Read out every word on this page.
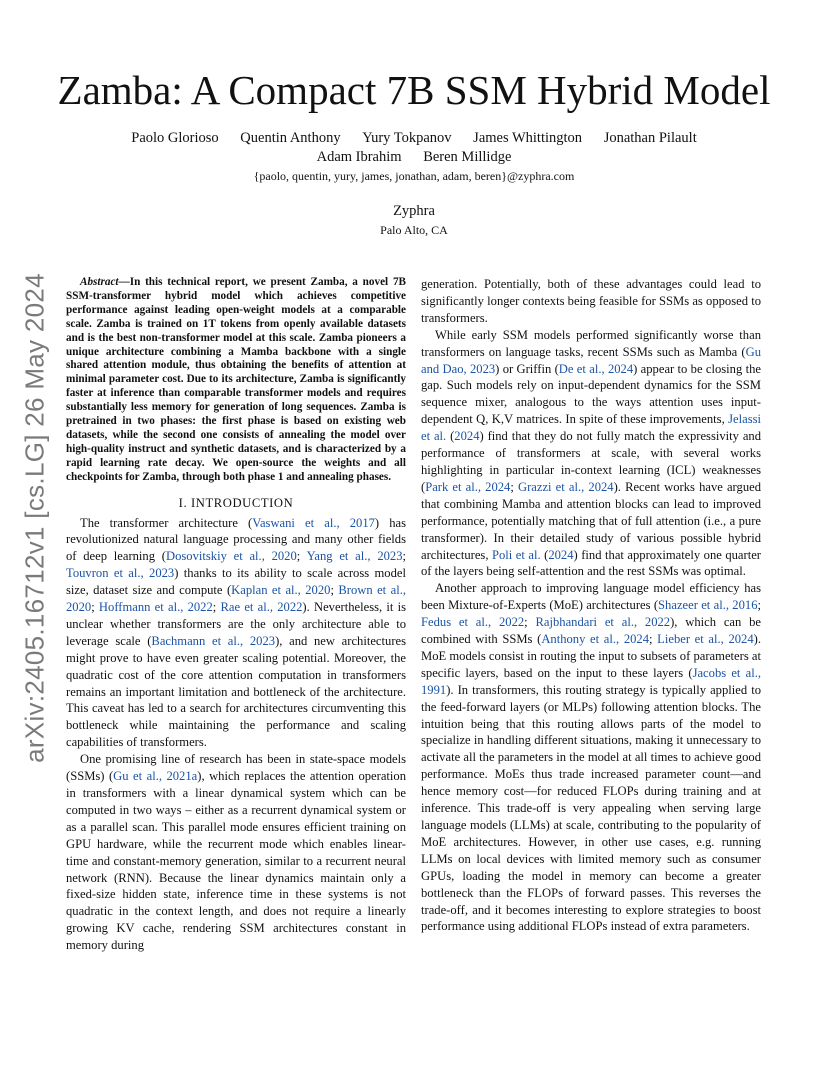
Zamba: A Compact 7B SSM Hybrid Model
Paolo Glorioso Quentin Anthony Yury Tokpanov James Whittington Jonathan Pilault
Adam Ibrahim Beren Millidge
{paolo, quentin, yury, james, jonathan, adam, beren}@zyphra.com
Zyphra
Palo Alto, CA
arXiv:2405.16712v1 [cs.LG] 26 May 2024	Abstract—In this technical report, we present Zamba, a novel 7B SSM-transformer hybrid model which achieves competitive performance against leading open-weight models at a comparable scale. Zamba is trained on 1T tokens from openly available datasets and is the best non-transformer model at this scale. Zamba pioneers a unique architecture combining a Mamba backbone with a single shared attention module, thus obtaining the benefits of attention at minimal parameter cost. Due to its architecture, Zamba is significantly faster at inference than comparable transformer models and requires substantially less memory for generation of long sequences. Zamba is pretrained in two phases: the first phase is based on existing web datasets, while the second one consists of annealing the model over high-quality instruct and synthetic datasets, and is characterized by a rapid learning rate decay. We open-source the weights and all checkpoints for Zamba, through both phase 1 and annealing phases.

I. INTRODUCTION

The transformer architecture (Vaswani et al., 2017) has revolutionized natural language processing and many other fields of deep learning (Dosovitskiy et al., 2020; Yang et al., 2023; Touvron et al., 2023) thanks to its ability to scale across model size, dataset size and compute (Kaplan et al., 2020; Brown et al., 2020; Hoffmann et al., 2022; Rae et al., 2022). Nevertheless, it is unclear whether transformers are the only architecture able to leverage scale (Bachmann et al., 2023), and new architectures might prove to have even greater scaling potential. Moreover, the quadratic cost of the core attention computation in transformers remains an important limitation and bottleneck of the architecture. This caveat has led to a search for architectures circumventing this bottleneck while maintaining the performance and scaling capabilities of transformers.

One promising line of research has been in state-space models (SSMs) (Gu et al., 2021a), which replaces the attention operation in transformers with a linear dynamical system which can be computed in two ways – either as a recurrent dynamical system or as a parallel scan. This parallel mode ensures efficient training on GPU hardware, while the recurrent mode which enables linear-time and constant-memory generation, similar to a recurrent neural network (RNN). Because the linear dynamics maintain only a fixed-size hidden state, inference time in these systems is not quadratic in the context length, and does not require a linearly growing KV cache, rendering SSM architectures constant in memory during

generation. Potentially, both of these advantages could lead to significantly longer contexts being feasible for SSMs as opposed to transformers.

While early SSM models performed significantly worse than transformers on language tasks, recent SSMs such as Mamba (Gu and Dao, 2023) or Griffin (De et al., 2024) appear to be closing the gap. Such models rely on input-dependent dynamics for the SSM sequence mixer, analogous to the ways attention uses input-dependent Q, K,V matrices. In spite of these improvements, Jelassi et al. (2024) find that they do not fully match the expressivity and performance of transformers at scale, with several works highlighting in particular in-context learning (ICL) weaknesses (Park et al., 2024; Grazzi et al., 2024). Recent works have argued that combining Mamba and attention blocks can lead to improved performance, potentially matching that of full attention (i.e., a pure transformer). In their detailed study of various possible hybrid architectures, Poli et al. (2024) find that approximately one quarter of the layers being self-attention and the rest SSMs was optimal.

Another approach to improving language model efficiency has been Mixture-of-Experts (MoE) architectures (Shazeer et al., 2016; Fedus et al., 2022; Rajbhandari et al., 2022), which can be combined with SSMs (Anthony et al., 2024; Lieber et al., 2024). MoE models consist in routing the input to subsets of parameters at specific layers, based on the input to these layers (Jacobs et al., 1991). In transformers, this routing strategy is typically applied to the feed-forward layers (or MLPs) following attention blocks. The intuition being that this routing allows parts of the model to specialize in handling different situations, making it unnecessary to activate all the parameters in the model at all times to achieve good performance. MoEs thus trade increased parameter count—and hence memory cost—for reduced FLOPs during training and at inference. This trade-off is very appealing when serving large language models (LLMs) at scale, contributing to the popularity of MoE architectures. However, in other use cases, e.g. running LLMs on local devices with limited memory such as consumer GPUs, loading the model in memory can become a greater bottleneck than the FLOPs of forward passes. This reverses the trade-off, and it becomes interesting to explore strategies to boost performance using additional FLOPs instead of extra parameters.
